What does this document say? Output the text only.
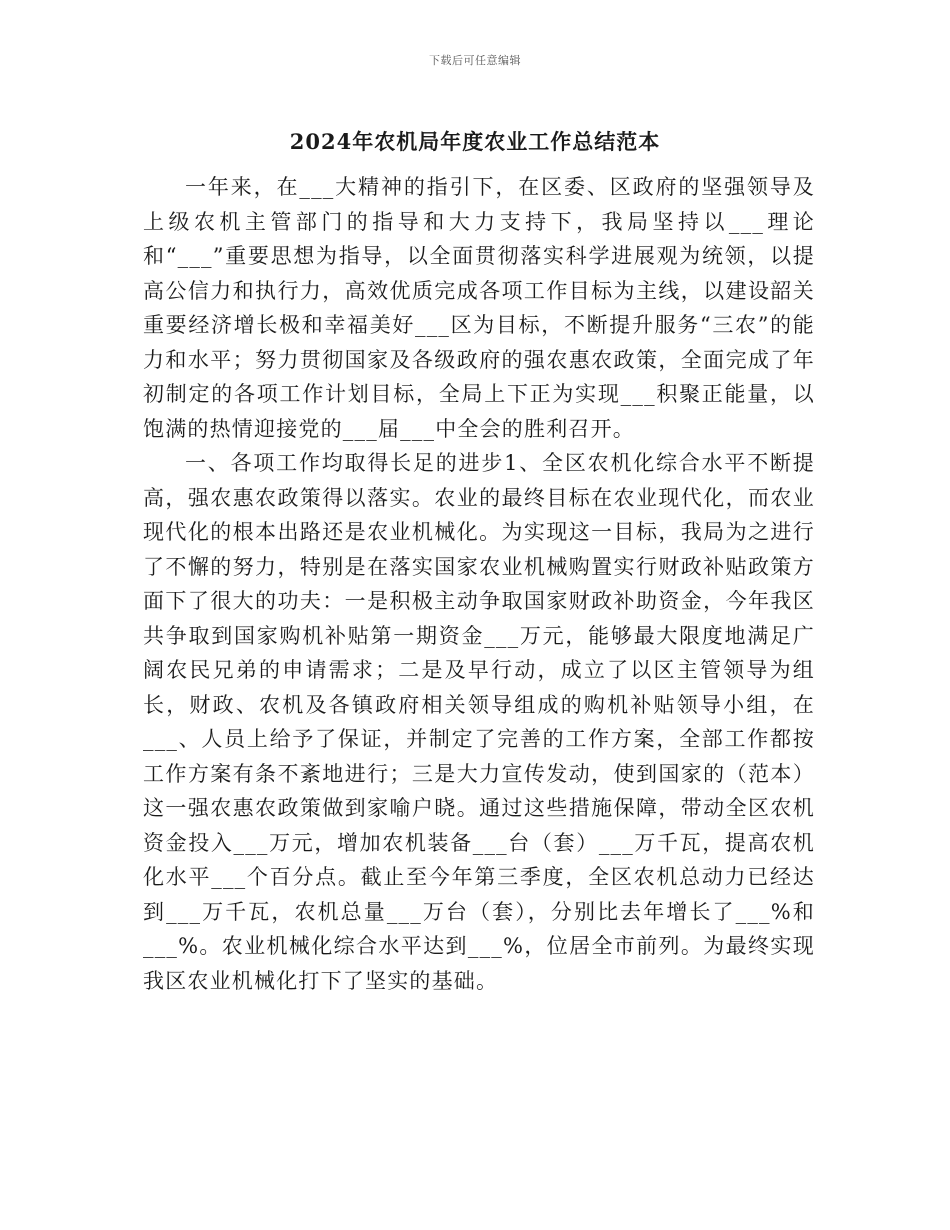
下载后可任意编辑
2024年农机局年度农业工作总结范本

一年来，在___大精神的指引下，在区委、区政府的坚强领导及上级农机主管部门的指导和大力支持下，我局坚持以___理论和“___”重要思想为指导，以全面贯彻落实科学进展观为统领，以提高公信力和执行力，高效优质完成各项工作目标为主线，以建设韶关重要经济增长极和幸福美好___区为目标，不断提升服务“三农”的能力和水平；努力贯彻国家及各级政府的强农惠农政策，全面完成了年初制定的各项工作计划目标，全局上下正为实现___积聚正能量，以饱满的热情迎接党的___届___中全会的胜利召开。

一、各项工作均取得长足的进步1、全区农机化综合水平不断提高，强农惠农政策得以落实。农业的最终目标在农业现代化，而农业现代化的根本出路还是农业机械化。为实现这一目标，我局为之进行了不懈的努力，特别是在落实国家农业机械购置实行财政补贴政策方面下了很大的功夫：一是积极主动争取国家财政补助资金，今年我区共争取到国家购机补贴第一期资金___万元，能够最大限度地满足广阔农民兄弟的申请需求；二是及早行动，成立了以区主管领导为组长，财政、农机及各镇政府相关领导组成的购机补贴领导小组，在___、人员上给予了保证，并制定了完善的工作方案，全部工作都按工作方案有条不紊地进行；三是大力宣传发动，使到国家的（范本）这一强农惠农政策做到家喻户晓。通过这些措施保障，带动全区农机资金投入___万元，增加农机装备___台（套）___万千瓦，提高农机化水平___个百分点。截止至今年第三季度，全区农机总动力已经达到___万千瓦，农机总量___万台（套），分别比去年增长了___%和___%。农业机械化综合水平达到___%，位居全市前列。为最终实现我区农业机械化打下了坚实的基础。
